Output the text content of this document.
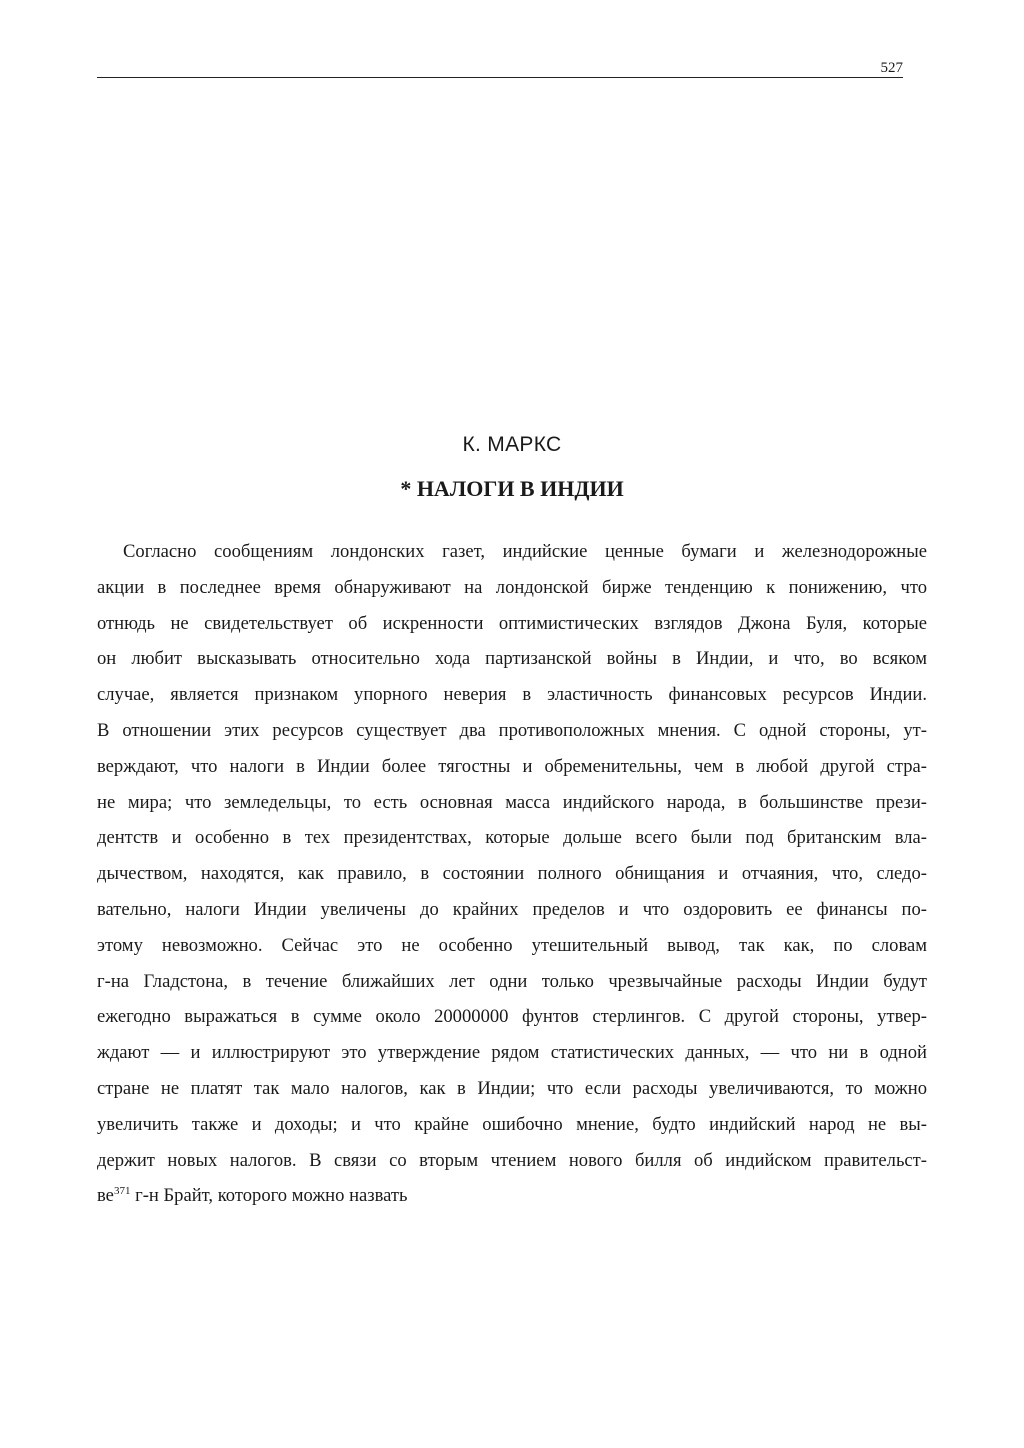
527
К. МАРКС
* НАЛОГИ В ИНДИИ
Согласно сообщениям лондонских газет, индийские ценные бумаги и железнодорожные
акции в последнее время обнаруживают на лондонской бирже тенденцию к понижению, что
отнюдь не свидетельствует об искренности оптимистических взглядов Джона Буля, которые
он любит высказывать относительно хода партизанской войны в Индии, и что, во всяком
случае, является признаком упорного неверия в эластичность финансовых ресурсов Индии.
В отношении этих ресурсов существует два противоположных мнения. С одной стороны, ут-
верждают, что налоги в Индии более тягостны и обременительны, чем в любой другой стра-
не мира; что земледельцы, то есть основная масса индийского народа, в большинстве прези-
дентств и особенно в тех президентствах, которые дольше всего были под британским вла-
дычеством, находятся, как правило, в состоянии полного обнищания и отчаяния, что, следо-
вательно, налоги Индии увеличены до крайних пределов и что оздоровить ее финансы по-
этому невозможно. Сейчас это не особенно утешительный вывод, так как, по словам
г-на Гладстона, в течение ближайших лет одни только чрезвычайные расходы Индии будут
ежегодно выражаться в сумме около 20000000 фунтов стерлингов. С другой стороны, утвер-
ждают — и иллюстрируют это утверждение рядом статистических данных, — что ни в одной
стране не платят так мало налогов, как в Индии; что если расходы увеличиваются, то можно
увеличить также и доходы; и что крайне ошибочно мнение, будто индийский народ не вы-
держит новых налогов. В связи со вторым чтением нового билля об индийском правительст-
$ве^{371}$ г-н Брайт, которого можно назвать
